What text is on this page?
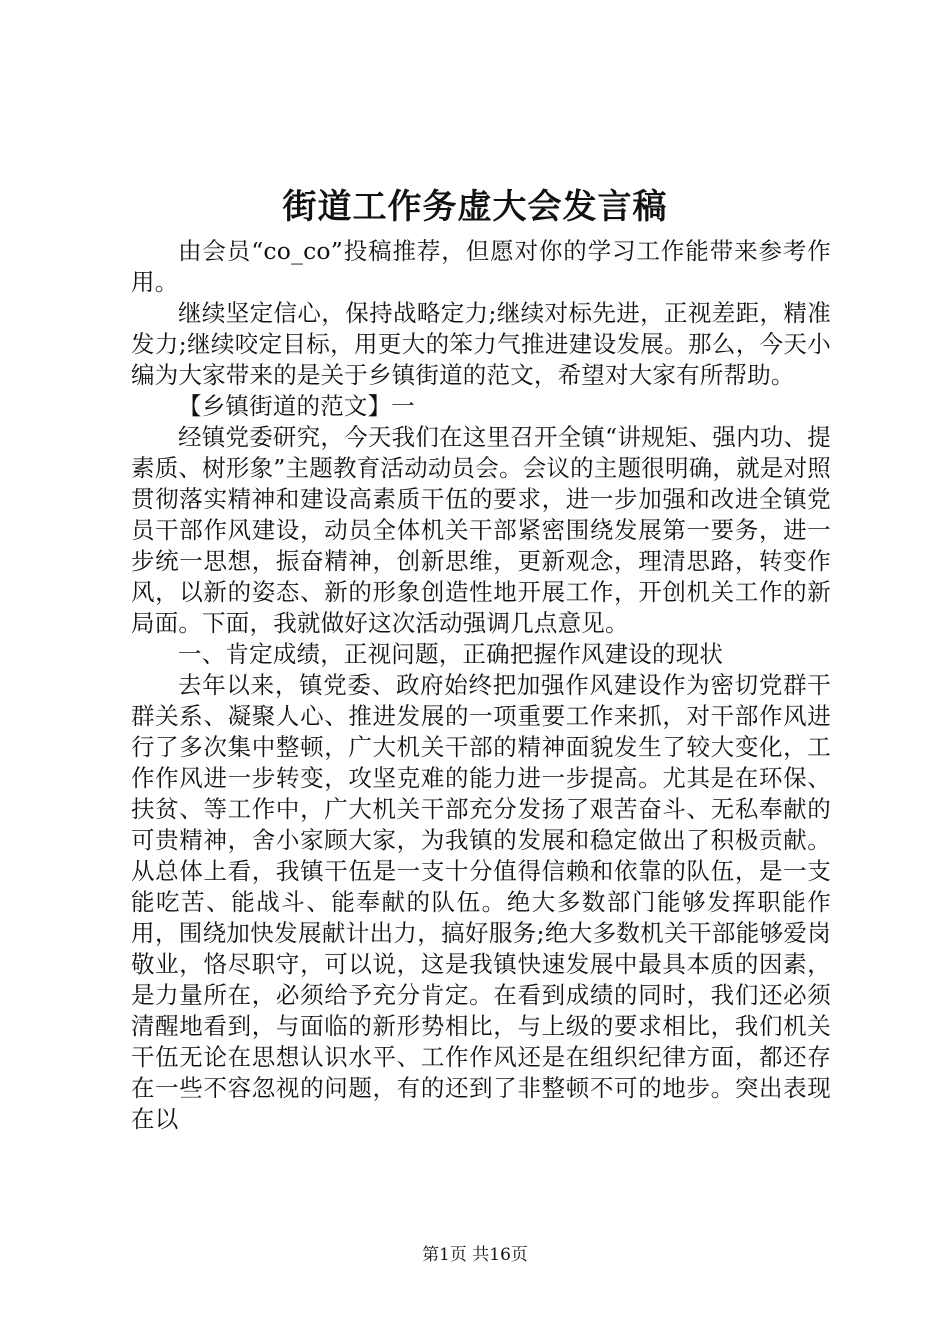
街道工作务虚大会发言稿

由会员“co_co”投稿推荐，但愿对你的学习工作能带来参考作用。

继续坚定信心，保持战略定力;继续对标先进，正视差距，精准发力;继续咬定目标，用更大的笨力气推进建设发展。那么，今天小编为大家带来的是关于乡镇街道的范文，希望对大家有所帮助。

【乡镇街道的范文】一

经镇党委研究，今天我们在这里召开全镇“讲规矩、强内功、提素质、树形象”主题教育活动动员会。会议的主题很明确，就是对照贯彻落实精神和建设高素质干伍的要求，进一步加强和改进全镇党员干部作风建设，动员全体机关干部紧密围绕发展第一要务，进一步统一思想，振奋精神，创新思维，更新观念，理清思路，转变作风，以新的姿态、新的形象创造性地开展工作，开创机关工作的新局面。下面，我就做好这次活动强调几点意见。

一、肯定成绩，正视问题，正确把握作风建设的现状

去年以来，镇党委、政府始终把加强作风建设作为密切党群干群关系、凝聚人心、推进发展的一项重要工作来抓，对干部作风进行了多次集中整顿，广大机关干部的精神面貌发生了较大变化，工作作风进一步转变，攻坚克难的能力进一步提高。尤其是在环保、扶贫、等工作中，广大机关干部充分发扬了艰苦奋斗、无私奉献的可贵精神，舍小家顾大家，为我镇的发展和稳定做出了积极贡献。从总体上看，我镇干伍是一支十分值得信赖和依靠的队伍，是一支能吃苦、能战斗、能奉献的队伍。绝大多数部门能够发挥职能作用，围绕加快发展献计出力，搞好服务;绝大多数机关干部能够爱岗敬业，恪尽职守，可以说，这是我镇快速发展中最具本质的因素，是力量所在，必须给予充分肯定。在看到成绩的同时，我们还必须清醒地看到，与面临的新形势相比，与上级的要求相比，我们机关干伍无论在思想认识水平、工作作风还是在组织纪律方面，都还存在一些不容忽视的问题，有的还到了非整顿不可的地步。突出表现在以

第1页 共16页
